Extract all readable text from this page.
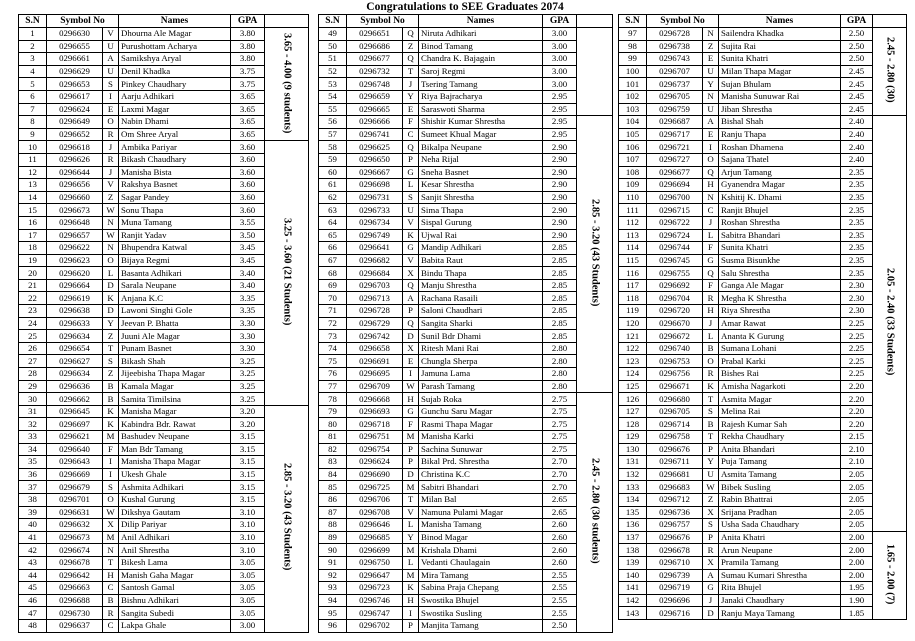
Congratulations to SEE Graduates 2074
S.N	Symbol No		Names	GPA	
1	0296630	V	Dhourna Ale Magar	3.80	3.65 - 4.00 (9 students)
2	0296655	U	Purushottam Acharya	3.80	
3	0296661	A	Samikshya Aryal	3.80	
4	0296629	U	Denil Khadka	3.75	
5	0296653	S	Pinkey Chaudhary	3.75	
6	0296617	I	Aarju Adhikari	3.65	
7	0296624	E	Laxmi Magar	3.65	
8	0296649	O	Nabin Dhami	3.65	
9	0296652	R	Om Shree Aryal	3.65	
10	0296618	J	Ambika Pariyar	3.60	3.25 - 3.60 (21 Students)
11	0296626	R	Bikash Chaudhary	3.60	
12	0296644	J	Manisha Bista	3.60	
13	0296656	V	Rakshya Basnet	3.60	
14	0296660	Z	Sagar Pandey	3.60	
15	0296673	W	Sonu Thapa	3.60	
16	0296648	N	Muna Tamang	3.55	
17	0296657	W	Ranjit Yadav	3.50	
18	0296622	N	Bhupendra Katwal	3.45	
19	0296623	O	Bijaya Regmi	3.45	
20	0296620	L	Basanta Adhikari	3.40	
21	0296664	D	Sarala Neupane	3.40	
22	0296619	K	Anjana K.C	3.35	
23	0296638	D	Lawoni Singhi Gole	3.35	
24	0296633	Y	Jeevan P. Bhatta	3.30	
25	0296634	Z	Juuni Ale Magar	3.30	
26	0296654	T	Punam Basnet	3.30	
27	0296627	S	Bikash Shah	3.25	
28	0296634	Z	Jijeebisha Thapa Magar	3.25	
29	0296636	B	Kamala Magar	3.25	
30	0296662	B	Samita Timilsina	3.25	
31	0296645	K	Manisha Magar	3.20	2.85 - 3.20 (43 Students)
32	0296697	K	Kabindra Bdr. Rawat	3.20	
33	0296621	M	Bashudev Neupane	3.15	
34	0296640	F	Man Bdr Tamang	3.15	
35	0296643	I	Manisha Thapa Magar	3.15	
36	0296669	I	Ukesh Ghale	3.15	
37	0296679	S	Ashmita Adhikari	3.15	
38	0296701	O	Kushal Gurung	3.15	
39	0296631	W	Dikshya Gautam	3.10	
40	0296632	X	Dilip Pariyar	3.10	
41	0296673	M	Anil Adhikari	3.10	
42	0296674	N	Anil Shrestha	3.10	
43	0296678	T	Bikesh Lama	3.05	
44	0296642	H	Manish Gaha Magar	3.05	
45	0296663	C	Santosh Gamal	3.05	
46	0296688	B	Bishnu Adhikari	3.05	
47	0296730	R	Sangita Subedi	3.05	
48	0296637	C	Lakpa Ghale	3.00	
S.N	Symbol No		Names	GPA	
49	0296651	Q	Niruta Adhikari	3.00	
50	0296686	Z	Binod Tamang	3.00	
51	0296677	Q	Chandra K. Bajagain	3.00	
52	0296732	T	Saroj Regmi	3.00	
53	0296748	J	Tsering Tamang	3.00	
54	0296659	Y	Riya Bajracharya	2.95	
55	0296665	E	Saraswoti Sharma	2.95	
56	0296666	F	Shishir Kumar Shrestha	2.95	2.85 - 3.20 (43 Students)
57	0296741	C	Sumeet Khual Magar	2.95	
58	0296625	Q	Bikalpa Neupane	2.90	
59	0296650	P	Neha Rijal	2.90	
60	0296667	G	Sneha Basnet	2.90	
61	0296698	L	Kesar Shrestha	2.90	
62	0296731	S	Sanjit Shrestha	2.90	
63	0296733	U	Sima Thapa	2.90	
64	0296734	V	Sispal Gurung	2.90	
65	0296749	K	Ujwal Rai	2.90	
66	0296641	G	Mandip Adhikari	2.85	
67	0296682	V	Babita Raut	2.85	
68	0296684	X	Bindu Thapa	2.85	
69	0296703	Q	Manju Shrestha	2.85	
70	0296713	A	Rachana Rasaili	2.85	
71	0296728	P	Saloni Chaudhari	2.85	
72	0296729	Q	Sangita Sharki	2.85	
73	0296742	D	Sunil Bdr Dhami	2.85	
74	0296658	X	Ritesh Mani Rai	2.80	
75	0296691	E	Chungla Sherpa	2.80	
76	0296695	I	Jamuna Lama	2.80	
77	0296709	W	Parash Tamang	2.80	
78	0296668	H	Sujab Roka	2.75	2.45 - 2.80 (30 students)
79	0296693	G	Gunchu Saru Magar	2.75	
80	0296718	F	Rasmi Thapa Magar	2.75	
81	0296751	M	Manisha Karki	2.75	
82	0296754	P	Sachina Sunuwar	2.75	
83	0296624	P	Bikal Prd. Shrestha	2.70	
84	0296690	D	Christina K.C	2.70	
85	0296725	M	Sabitri Bhandari	2.70	
86	0296706	T	Milan Bal	2.65	
87	0296708	V	Namuna Pulami Magar	2.65	
88	0296646	L	Manisha Tamang	2.60	
89	0296685	Y	Binod Magar	2.60	
90	0296699	M	Krishala Dhami	2.60	
91	0296750	L	Vedanti Chaulagain	2.60	
92	0296647	M	Mira Tamang	2.55	
93	0296723	K	Sabina Praja Chepang	2.55	
94	0296746	H	Swostika Bhujel	2.55	
95	0296747	I	Swostika Susling	2.55	
96	0296702	P	Manjita Tamang	2.50	
S.N	Symbol No		Names	GPA	
97	0296728	N	Sailendra Khadka	2.50	2.45 - 2.80 (30)
98	0296738	Z	Sujita Rai	2.50	
99	0296743	E	Sunita Khatri	2.50	
100	0296707	U	Milan Thapa Magar	2.45	
101	0296737	Y	Sujan Bhulam	2.45	
102	0296705	N	Manisha Sunuwar Rai	2.45	
103	0296759	U	Jiban Shrestha	2.45	
104	0296687	A	Bishal Shah	2.40	2.05 - 2.40 (33 Students)
105	0296717	E	Ranju Thapa	2.40	
106	0296721	I	Roshan Dhamena	2.40	
107	0296727	O	Sajana Thatel	2.40	
108	0296677	Q	Arjun Tamang	2.35	
109	0296694	H	Gyanendra Magar	2.35	
110	0296700	N	Kshitij K. Dhami	2.35	
111	0296715	C	Ranjit Bhujel	2.35	
112	0296722	J	Roshan Shrestha	2.35	
113	0296724	L	Sabitra Bhandari	2.35	
114	0296744	F	Sunita Khatri	2.35	
115	0296745	G	Susma Bisunkhe	2.35	
116	0296755	Q	Salu Shrestha	2.35	
117	0296692	F	Ganga Ale Magar	2.30	
118	0296704	R	Megha K Shrestha	2.30	
119	0296720	H	Riya Shrestha	2.30	
120	0296670	J	Amar Rawat	2.25	
121	0296672	L	Ananta K Gurung	2.25	
122	0296740	B	Sumana Lohani	2.25	
123	0296753	O	Prabal Karki	2.25	
124	0296756	R	Bishes Rai	2.25	
125	0296671	K	Amisha Nagarkoti	2.20	
126	0296680	T	Asmita Magar	2.20	
127	0296705	S	Melina Rai	2.20	
128	0296714	B	Rajesh Kumar Sah	2.20	
129	0296758	T	Rekha Chaudhary	2.15	
130	0296676	P	Anita Bhandari	2.10	
131	0296711	Y	Puja Tamang	2.10	
132	0296681	U	Asmita Tamang	2.05	
133	0296683	W	Bibek Susling	2.05	
134	0296712	Z	Rabin Bhattrai	2.05	
135	0296736	X	Srijana Pradhan	2.05	
136	0296757	S	Usha Sada Chaudhary	2.05	
137	0296676	P	Anita Khatri	2.00	1.65 - 2.00 (7)
138	0296678	R	Arun Neupane	2.00	
139	0296710	X	Pramila Tamang	2.00	
140	0296739	A	Sumau Kumari Shrestha	2.00	
141	0296719	G	Rita Bhujel	1.95	
142	0296696	J	Janaki Chaudhary	1.90	
143	0296716	D	Ranju Maya Tamang	1.85	
